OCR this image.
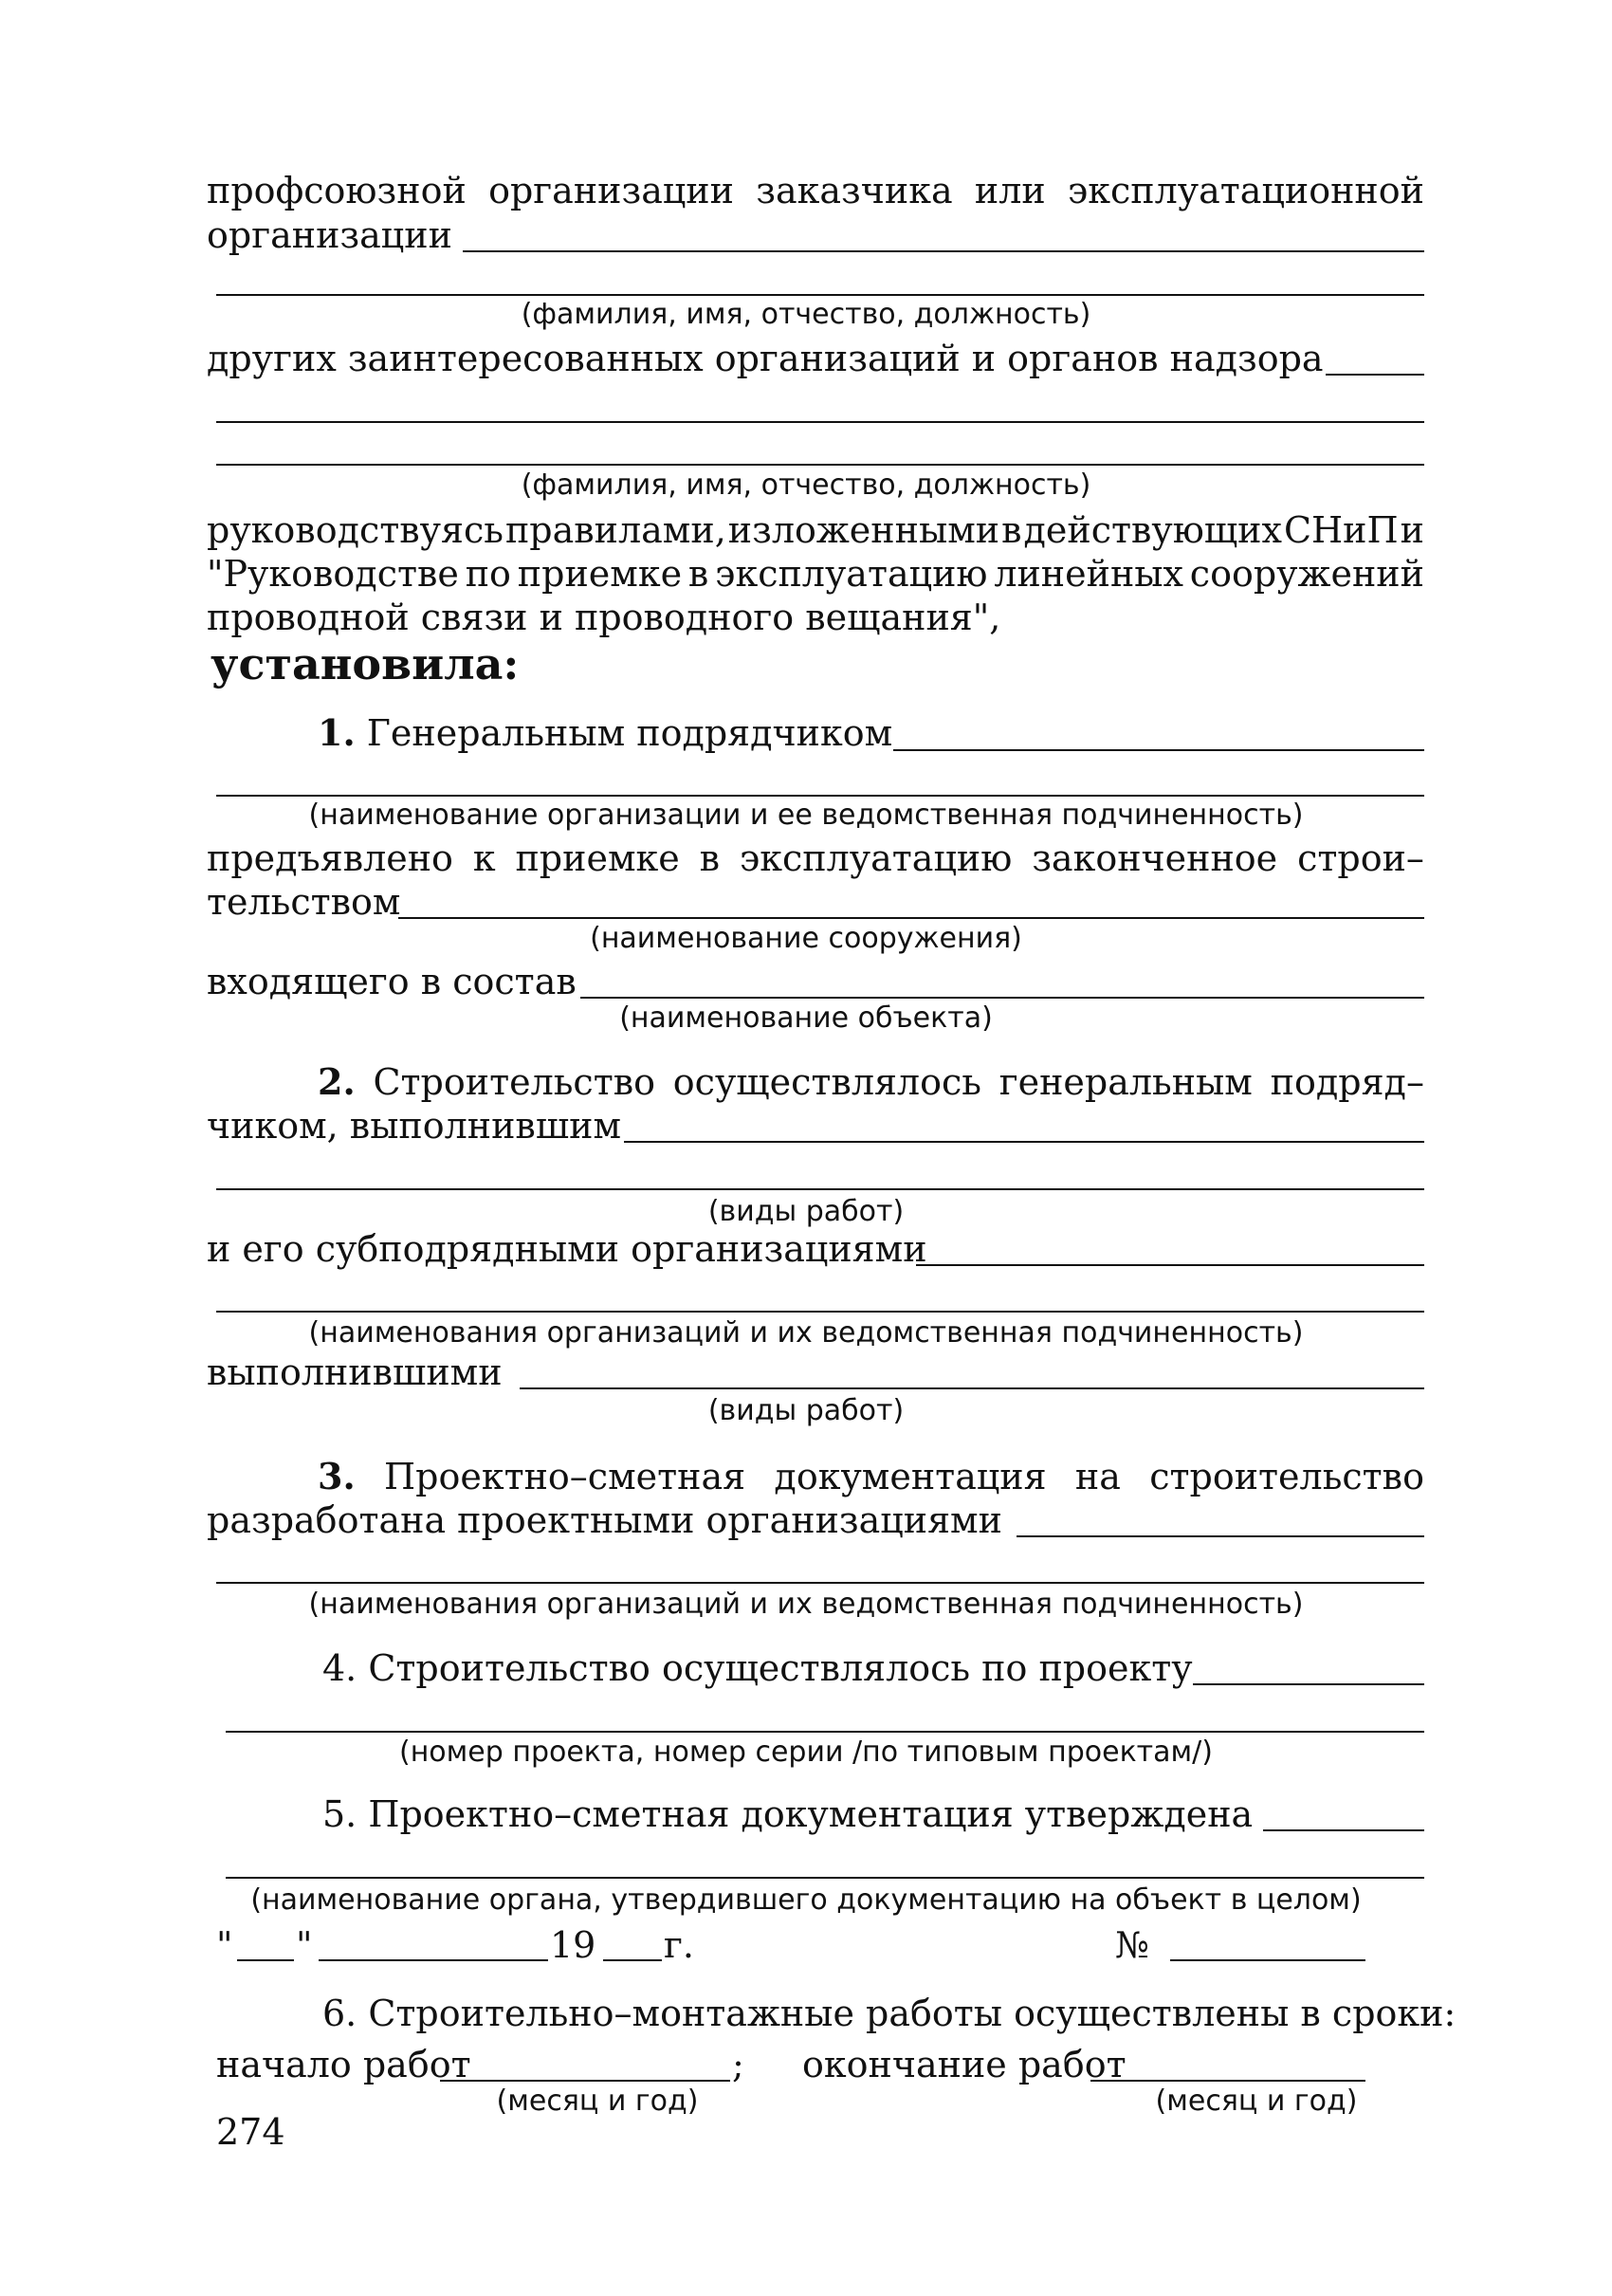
профсоюзной организации заказчика или эксплуатационной
организации
(фамилия, имя, отчество, должность)
других заинтересованных организаций и органов надзора
(фамилия, имя, отчество, должность)
руководствуясь правилами, изложенными в действующих СНиП и
"Руководстве по приемке в эксплуатацию линейных сооружений
проводной связи и проводного вещания",
установила:
1. Генеральным подрядчиком
(наименование организации и ее ведомственная подчиненность)
предъявлено к приемке в эксплуатацию законченное строи–
тельством
(наименование сооружения)
входящего в состав
(наименование объекта)
2. Строительство осуществлялось генеральным подряд–
чиком, выполнившим
(виды работ)
и его субподрядными организациями
(наименования организаций и их ведомственная подчиненность)
выполнившими
(виды работ)
3. Проектно–сметная документация на строительство
разработана проектными организациями
(наименования организаций и их ведомственная подчиненность)
4. Строительство осуществлялось по проекту
(номер проекта, номер серии /по типовым проектам/)
5. Проектно–сметная документация утверждена
(наименование органа, утвердившего документацию на объект в целом)
" "	19 г.	№
6. Строительно–монтажные работы осуществлены в сроки:
начало работ	; окончание работ
(месяц и год)	(месяц и год)
274
